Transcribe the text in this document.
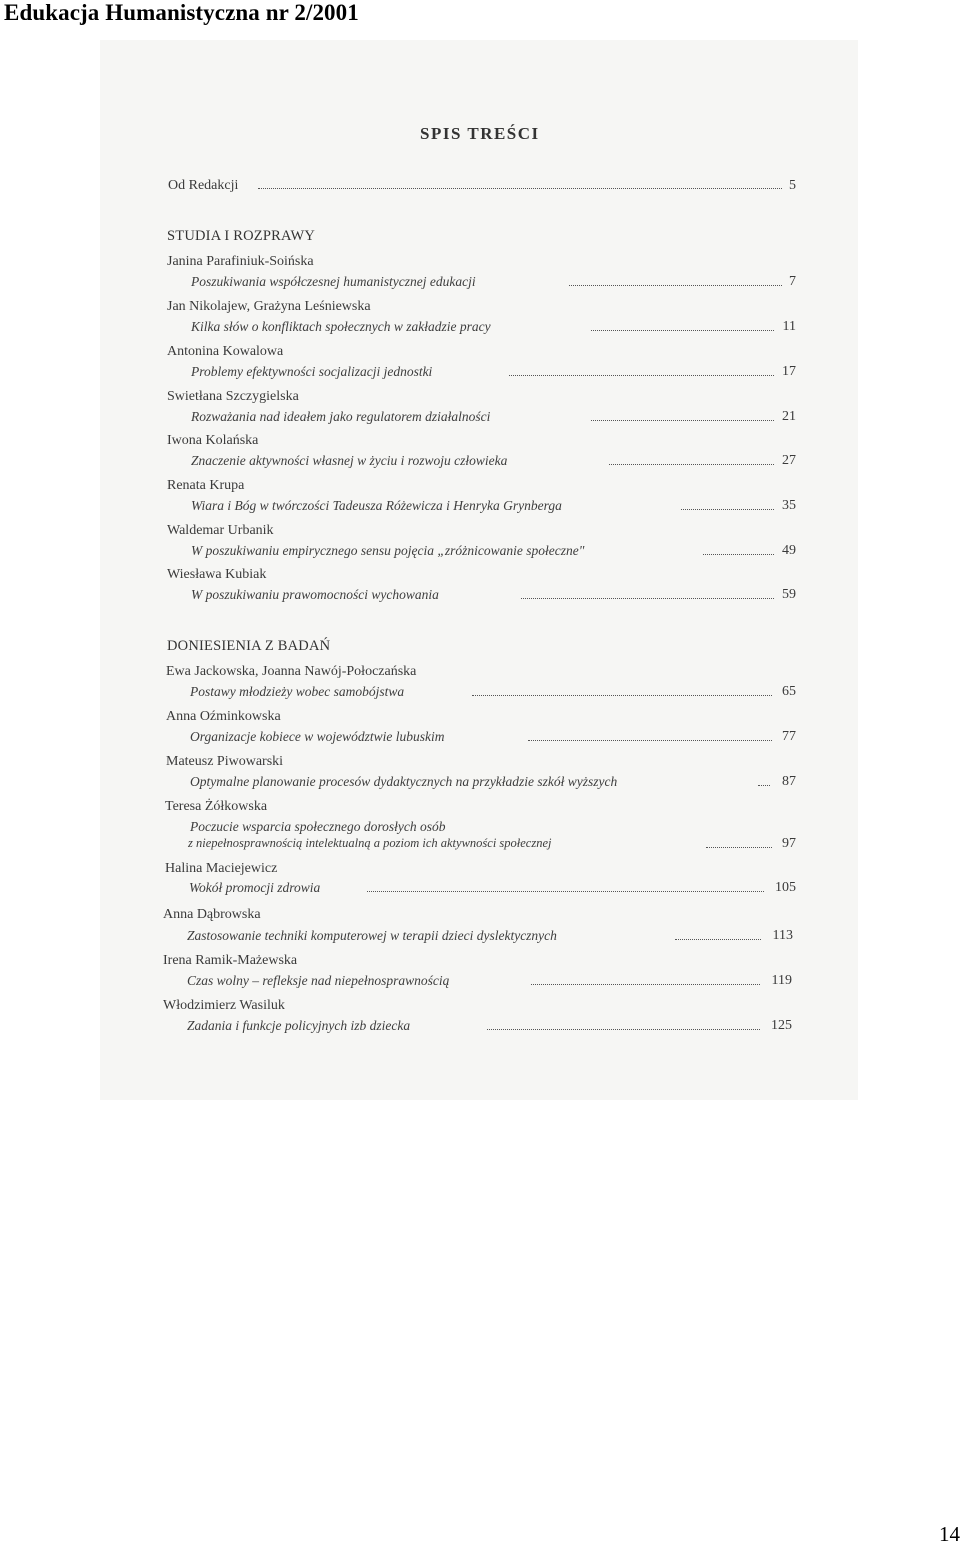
Edukacja Humanistyczna nr 2/2001
SPIS TREŚCI
Od Redakcji	5
STUDIA I ROZPRAWY
Janina Parafiniuk-Soińska
Poszukiwania współczesnej humanistycznej edukacji	7
Jan Nikolajew, Grażyna Leśniewska
Kilka słów o konfliktach społecznych w zakładzie pracy	11
Antonina Kowalowa
Problemy efektywności socjalizacji jednostki	17
Swietłana Szczygielska
Rozważania nad ideałem jako regulatorem działalności	21
Iwona Kolańska
Znaczenie aktywności własnej w życiu i rozwoju człowieka	27
Renata Krupa
Wiara i Bóg w twórczości Tadeusza Różewicza i Henryka Grynberga	35
Waldemar Urbanik
W poszukiwaniu empirycznego sensu pojęcia „zróżnicowanie społeczne"	49
Wiesława Kubiak
W poszukiwaniu prawomocności wychowania	59
DONIESIENIA Z BADAŃ
Ewa Jackowska, Joanna Nawój-Połoczańska
Postawy młodzieży wobec samobójstwa	65
Anna Oźminkowska
Organizacje kobiece w województwie lubuskim	77
Mateusz Piwowarski
Optymalne planowanie procesów dydaktycznych na przykładzie szkół wyższych	87
Teresa Żółkowska
Poczucie wsparcia społecznego dorosłych osób
z niepełnosprawnością intelektualną a poziom ich aktywności społecznej	97
Halina Maciejewicz
Wokół promocji zdrowia	105
Anna Dąbrowska
Zastosowanie techniki komputerowej w terapii dzieci dyslektycznych	113
Irena Ramik-Mażewska
Czas wolny – refleksje nad niepełnosprawnością	119
Włodzimierz Wasiluk
Zadania i funkcje policyjnych izb dziecka	125
14
